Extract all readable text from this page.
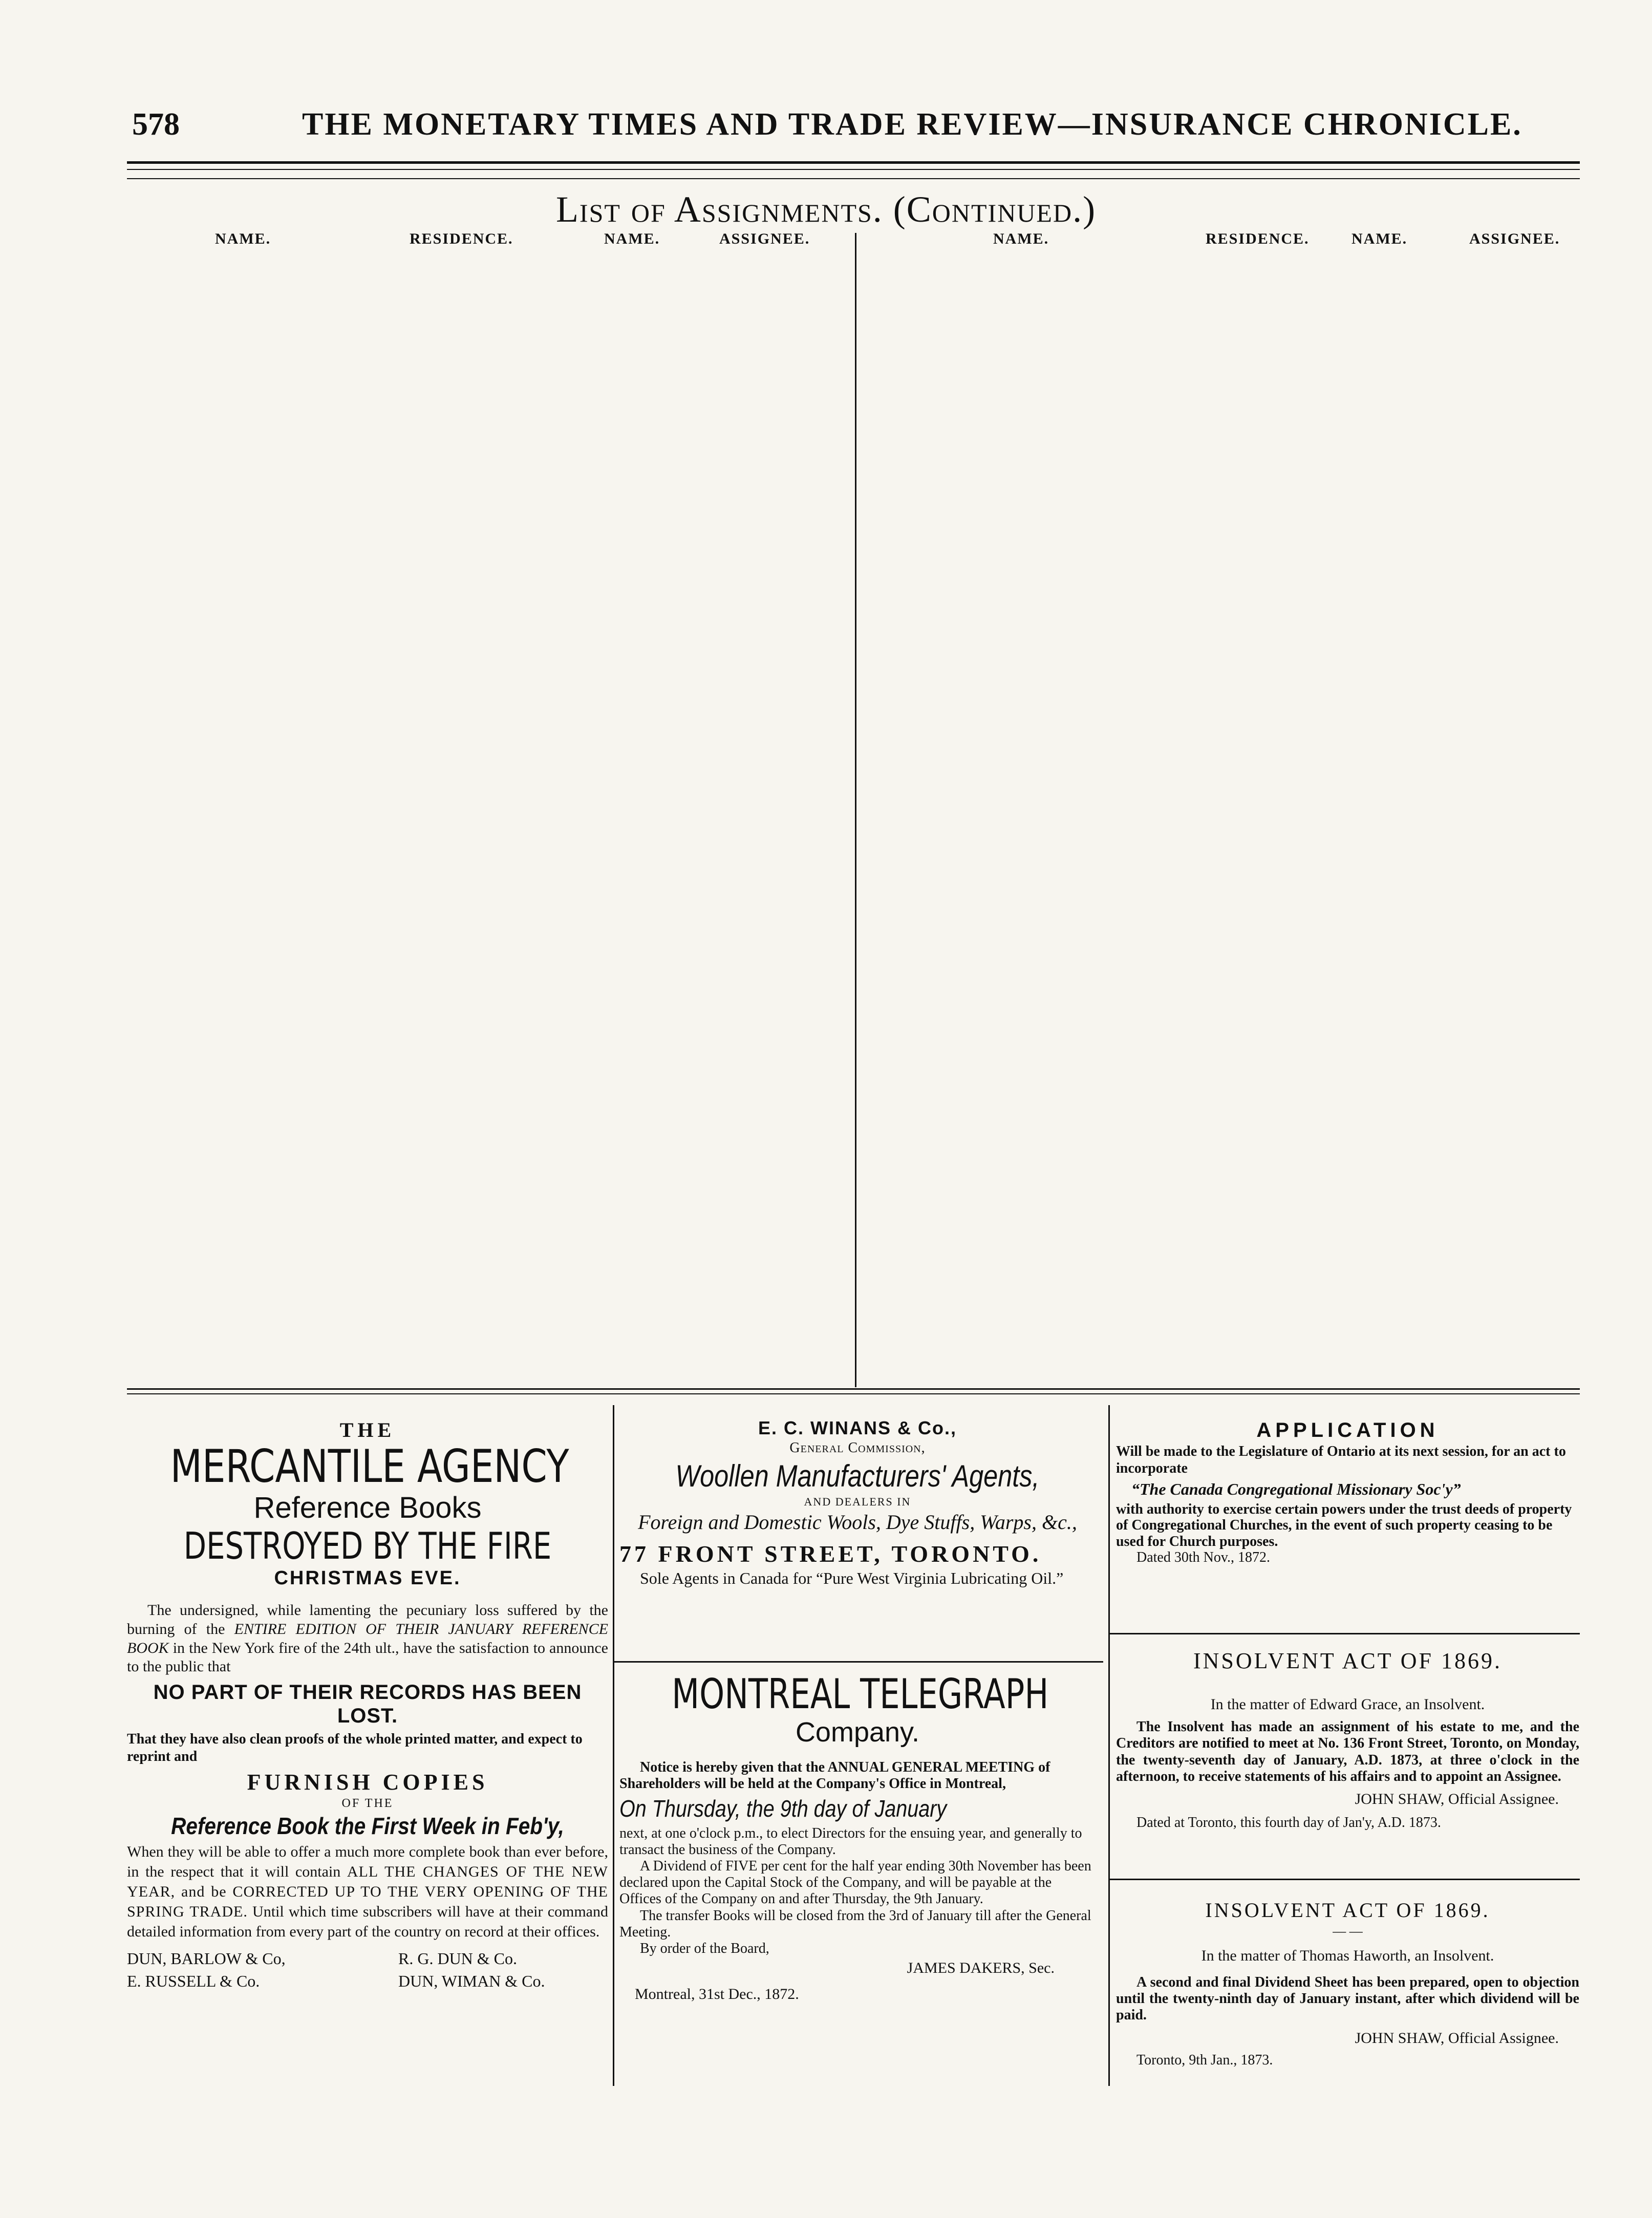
578	THE MONETARY TIMES AND TRADE REVIEW—INSURANCE CHRONICLE.
List of Assignments. (Continued.)
NAME.	RESIDENCE.	NAME.	ASSIGNEE.	NAME.	RESIDENCE.	NAME.	ASSIGNEE.
THE
MERCANTILE AGENCY
Reference Books
DESTROYED BY THE FIRE
CHRISTMAS EVE.

The undersigned, while lamenting the pecuniary loss suffered by the burning of the ENTIRE EDITION OF THEIR JANUARY REFERENCE BOOK in the New York fire of the 24th ult., have the satisfaction to announce to the public that

NO PART OF THEIR RECORDS HAS BEEN LOST.

That they have also clean proofs of the whole printed matter, and expect to reprint and

FURNISH COPIES
OF THE
Reference Book the First Week in Feb'y,

When they will be able to offer a much more complete book than ever before, in the respect that it will contain ALL THE CHANGES OF THE NEW YEAR, and be CORRECTED UP TO THE VERY OPENING OF THE SPRING TRADE. Until which time subscribers will have at their command detailed information from every part of the country on record at their offices.

DUN, BARLOW & Co,	R. G. DUN & Co.
E. RUSSELL & Co.	DUN, WIMAN & Co.
E. C. WINANS & Co.,
General Commission,
Woollen Manufacturers' Agents,
AND DEALERS IN
Foreign and Domestic Wools, Dye Stuffs, Warps, &c.,
77 FRONT STREET, TORONTO.

Sole Agents in Canada for “Pure West Virginia Lubricating Oil.”

MONTREAL TELEGRAPH
Company.

Notice is hereby given that the ANNUAL GENERAL MEETING of Shareholders will be held at the Company's Office in Montreal,

On Thursday, the 9th day of January

next, at one o'clock p.m., to elect Directors for the ensuing year, and generally to transact the business of the Company.

A Dividend of FIVE per cent for the half year ending 30th November has been declared upon the Capital Stock of the Company, and will be payable at the Offices of the Company on and after Thursday, the 9th January.

The transfer Books will be closed from the 3rd of January till after the General Meeting.

By order of the Board,

JAMES DAKERS, Sec.
Montreal, 31st Dec., 1872.
APPLICATION

Will be made to the Legislature of Ontario at its next session, for an act to incorporate

“The Canada Congregational Missionary Soc'y”

with authority to exercise certain powers under the trust deeds of property of Congregational Churches, in the event of such property ceasing to be used for Church purposes.

Dated 30th Nov., 1872.

INSOLVENT ACT OF 1869.
In the matter of Edward Grace, an Insolvent.

The Insolvent has made an assignment of his estate to me, and the Creditors are notified to meet at No. 136 Front Street, Toronto, on Monday, the twenty-seventh day of January, A.D. 1873, at three o'clock in the afternoon, to receive statements of his affairs and to appoint an Assignee.

JOHN SHAW, Official Assignee.

Dated at Toronto, this fourth day of Jan'y, A.D. 1873.

INSOLVENT ACT OF 1869.
— —
In the matter of Thomas Haworth, an Insolvent.

A second and final Dividend Sheet has been prepared, open to objection until the twenty-ninth day of January instant, after which dividend will be paid.

JOHN SHAW, Official Assignee.

Toronto, 9th Jan., 1873.
